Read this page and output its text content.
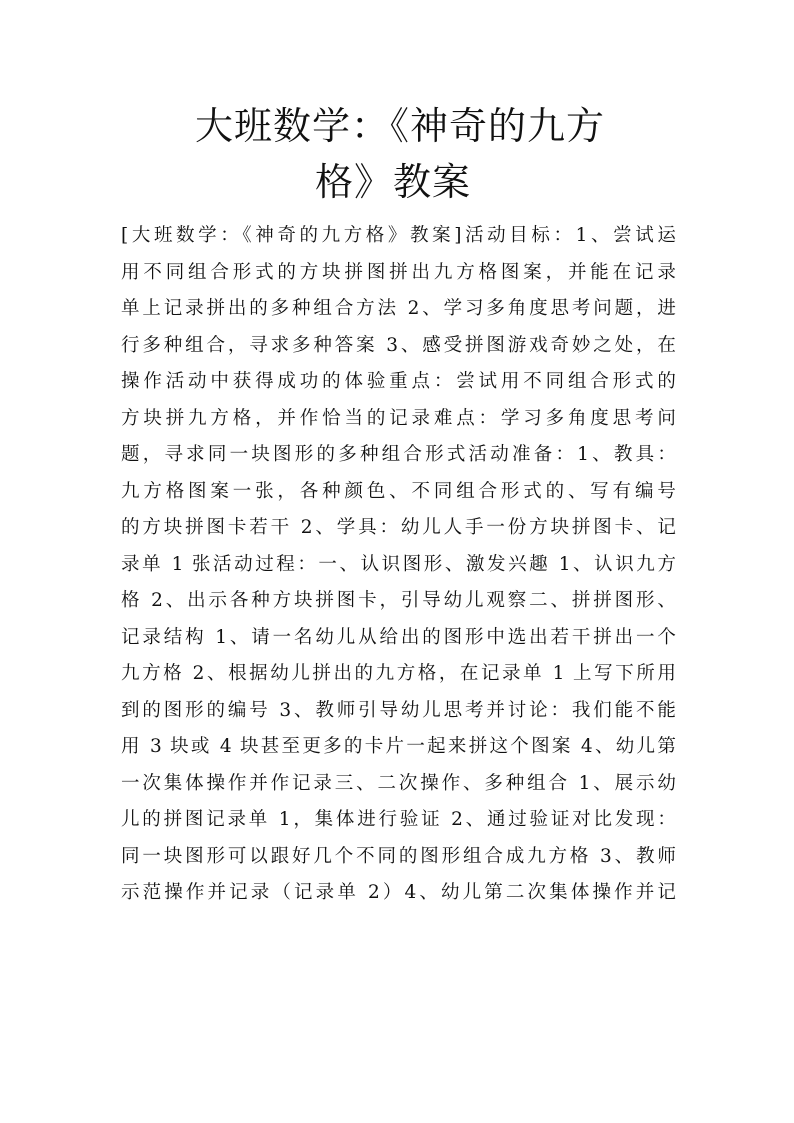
大班数学：《神奇的九方
格》教案
[大班数学：《神奇的九方格》教案]活动目标：1、尝试运
用不同组合形式的方块拼图拼出九方格图案，并能在记录
单上记录拼出的多种组合方法 2、学习多角度思考问题，进
行多种组合，寻求多种答案 3、感受拼图游戏奇妙之处，在
操作活动中获得成功的体验重点：尝试用不同组合形式的
方块拼九方格，并作恰当的记录难点：学习多角度思考问
题，寻求同一块图形的多种组合形式活动准备：1、教具：
九方格图案一张，各种颜色、不同组合形式的、写有编号
的方块拼图卡若干 2、学具：幼儿人手一份方块拼图卡、记
录单 1 张活动过程：一、认识图形、激发兴趣 1、认识九方
格 2、出示各种方块拼图卡，引导幼儿观察二、拼拼图形、
记录结构 1、请一名幼儿从给出的图形中选出若干拼出一个
九方格 2、根据幼儿拼出的九方格，在记录单 1 上写下所用
到的图形的编号 3、教师引导幼儿思考并讨论：我们能不能
用 3 块或 4 块甚至更多的卡片一起来拼这个图案 4、幼儿第
一次集体操作并作记录三、二次操作、多种组合 1、展示幼
儿的拼图记录单 1，集体进行验证 2、通过验证对比发现：
同一块图形可以跟好几个不同的图形组合成九方格 3、教师
示范操作并记录（记录单 2）4、幼儿第二次集体操作并记
